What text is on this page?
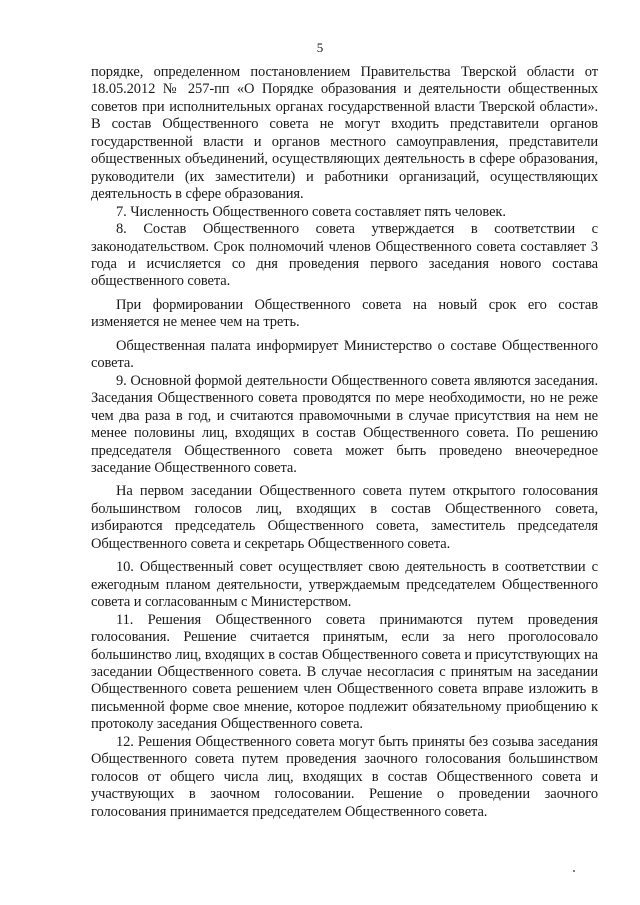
5

порядке, определенном постановлением Правительства Тверской области от 18.05.2012 № 257-пп «О Порядке образования и деятельности общественных советов при исполнительных органах государственной власти Тверской области». В состав Общественного совета не могут входить представители органов государственной власти и органов местного самоуправления, представители общественных объединений, осуществляющих деятельность в сфере образования, руководители (их заместители) и работники организаций, осуществляющих деятельность в сфере образования.

7. Численность Общественного совета составляет пять человек.

8. Состав Общественного совета утверждается в соответствии с законодательством. Срок полномочий членов Общественного совета составляет 3 года и исчисляется со дня проведения первого заседания нового состава общественного совета.

При формировании Общественного совета на новый срок его состав изменяется не менее чем на треть.

Общественная палата информирует Министерство о составе Общественного совета.

9. Основной формой деятельности Общественного совета являются заседания. Заседания Общественного совета проводятся по мере необходимости, но не реже чем два раза в год, и считаются правомочными в случае присутствия на нем не менее половины лиц, входящих в состав Общественного совета. По решению председателя Общественного совета может быть проведено внеочередное заседание Общественного совета.

На первом заседании Общественного совета путем открытого голосования большинством голосов лиц, входящих в состав Общественного совета, избираются председатель Общественного совета, заместитель председателя Общественного совета и секретарь Общественного совета.

10. Общественный совет осуществляет свою деятельность в соответствии с ежегодным планом деятельности, утверждаемым председателем Общественного совета и согласованным с Министерством.

11. Решения Общественного совета принимаются путем проведения голосования. Решение считается принятым, если за него проголосовало большинство лиц, входящих в состав Общественного совета и присутствующих на заседании Общественного совета. В случае несогласия с принятым на заседании Общественного совета решением член Общественного совета вправе изложить в письменной форме свое мнение, которое подлежит обязательному приобщению к протоколу заседания Общественного совета.

12. Решения Общественного совета могут быть приняты без созыва заседания Общественного совета путем проведения заочного голосования большинством голосов от общего числа лиц, входящих в состав Общественного совета и участвующих в заочном голосовании. Решение о проведении заочного голосования принимается председателем Общественного совета.
